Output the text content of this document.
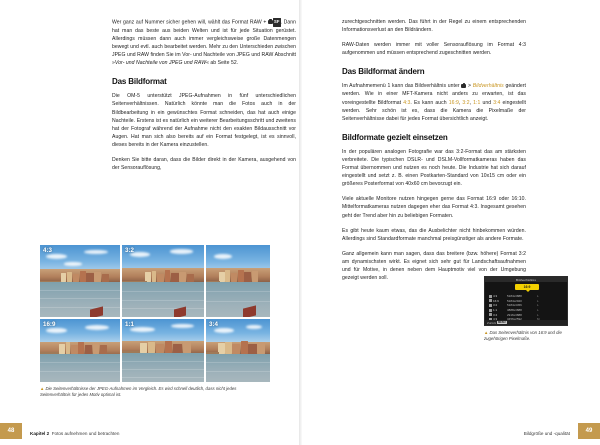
Wer ganz auf Nummer sicher gehen will, wählt das Format RAW + SF. Dann hat man das beste aus beiden Welten und ist für jede Situation gerüstet. Allerdings müssen dann auch immer vergleichsweise große Datenmengen bewegt und evtl. auch bearbeitet werden. Mehr zu den Unterschieden zwischen JPEG und RAW finden Sie im Vor- und Nachteile von JPEG und RAW Abschnitt »Vor- und Nachteile von JPEG und RAW« ab Seite 52.

Das Bildformat

Die OM-5 unterstützt JPEG-Aufnahmen in fünf unterschiedlichen Seitenverhältnissen. Natürlich könnte man die Fotos auch in der Bildbearbeitung in ein gewünschtes Format schneiden, das hat auch einige Nachteile. Erstens ist es natürlich ein weiterer Bearbeitungsschritt und zweitens hat der Fotograf während der Aufnahme nicht den exakten Bildausschnitt vor Augen. Hat man sich also bereits auf ein Format festgelegt, ist es sinnvoll, dieses bereits in der Kamera einzustellen.

Denken Sie bitte daran, dass die Bilder direkt in der Kamera, ausgehend von der Sensorauflösung,

4:3	3:2
16:9	1:1	3:4
▲ Die Seitenverhältnisse der JPEG-Aufnahmen im Vergleich. Es wird schnell deutlich, dass nicht jedes Seitenverhältnis für jedes Motiv optimal ist.

zurechtgeschnitten werden. Das führt in der Regel zu einem entsprechenden Informationsverlust an den Bildrändern.

RAW-Daten werden immer mit voller Sensorauflösung im Format 4:3 aufgenommen und müssen entsprechend zugeschnitten werden.

Das Bildformat ändern

Im Aufnahmemenü 1 kann das Bildverhältnis unter  > Bildverhältnis geändert werden. Wie in einer MFT-Kamera nicht anders zu erwarten, ist das voreingestellte Bildformat 4:3. Es kann auch 16:9, 3:2, 1:1 und 3:4 eingestellt werden. Sehr schön ist es, dass die Kamera die Pixelmaße der Seitenverhältnisse dabei für jedes Format übersichtlich anzeigt.

Bildformate gezielt einsetzen

In der populären analogen Fotografie war das 3:2-Format das am stärksten verbreitete. Die typischen DSLR- und DSLM-Vollformatkameras haben das Format übernommen und nutzen es noch heute. Die Industrie hat sich darauf eingestellt und setzt z. B. einen Postkarten-Standard von 10x15 cm oder ein größeres Posterformat von 40x60 cm bevorzugt ein.

Viele aktuelle Monitore nutzen hingegen gerne das Format 16:9 oder 16:10. Mittelformatkameras nutzen dagegen eher das Format 4:3. Insgesamt gesehen geht der Trend aber hin zu beliebigen Formaten.

Es gibt heute kaum etwas, das die Ausbelichter nicht hinbekommen würden. Allerdings sind Standardformate manchmal preisgünstiger als andere Formate.

Ganz allgemein kann man sagen, dass das breitere (bzw. höhere) Format 3:2 am dynamischsten wirkt. Es eignet sich sehr gut für Landschaftsaufnahmen und für Motive, in denen neben dem Hauptmotiv viel von der Umgebung gezeigt werden soll.	Bildverhältnis
16:9
4:3	5184x3888	L
16:9	5184x2920	L
3:2	5184x3456	L
1:1	3888x3888	L
3:4	2916x3888	L
Zurück MENU
▲ Das Seitenverhältnis von 16:9 und die zugehörigen Pixelmaße.
48	Kapitel 2 Fotos aufnehmen und betrachten	Bildgröße und -qualität	49
